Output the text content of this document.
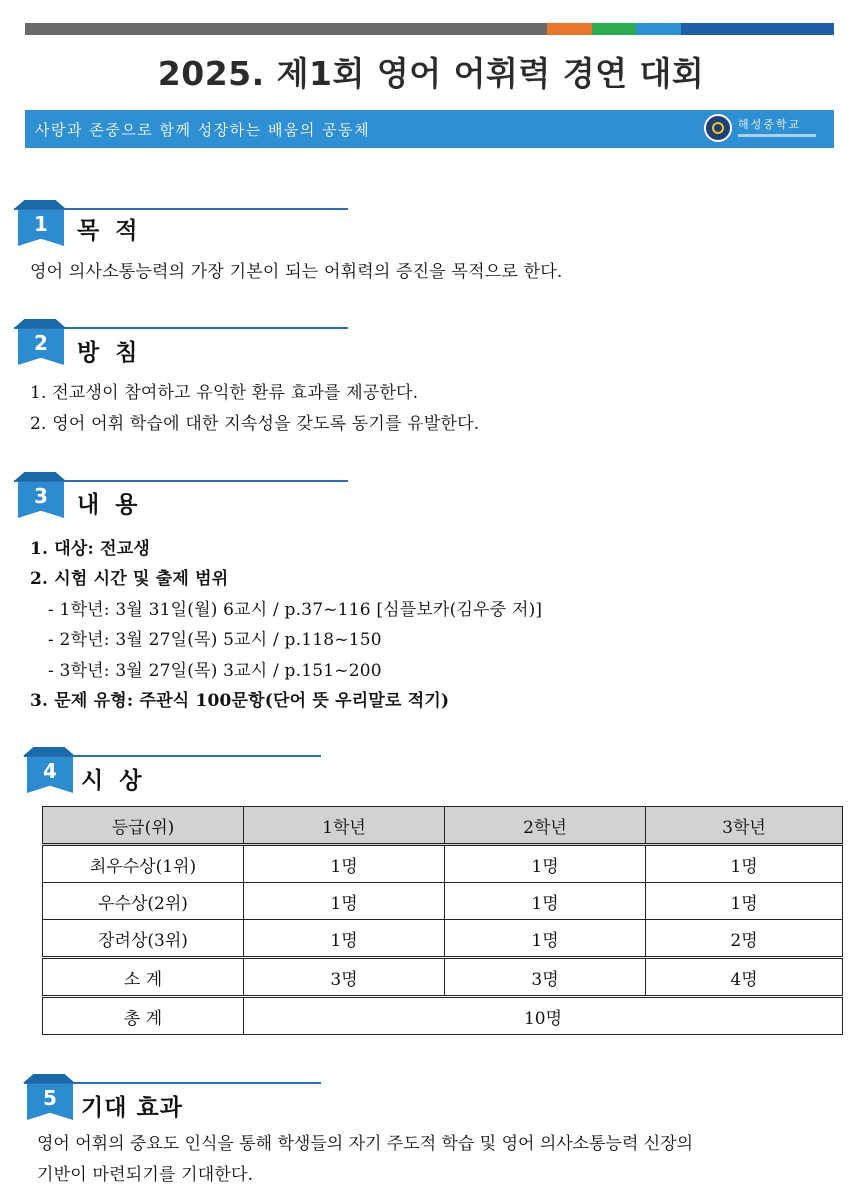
2025. 제1회 영어 어휘력 경연 대회
사랑과 존중으로 함께 성장하는 배움의 공동체	해성중학교
1	목 적
영어 의사소통능력의 가장 기본이 되는 어휘력의 증진을 목적으로 한다.
2	방 침
1. 전교생이 참여하고 유익한 환류 효과를 제공한다.
2. 영어 어휘 학습에 대한 지속성을 갖도록 동기를 유발한다.
3	내 용
1. 대상: 전교생
2. 시험 시간 및 출제 범위
- 1학년: 3월 31일(월) 6교시 / p.37~116 [심플보카(김우중 저)]
- 2학년: 3월 27일(목) 5교시 / p.118~150
- 3학년: 3월 27일(목) 3교시 / p.151~200
3. 문제 유형: 주관식 100문항(단어 뜻 우리말로 적기)
4	시 상
등급(위)	1학년	2학년	3학년
최우수상(1위)	1명	1명	1명
우수상(2위)	1명	1명	1명
장려상(3위)	1명	1명	2명
소 계	3명	3명	4명
총 계	10명		
5	기대 효과
영어 어휘의 중요도 인식을 통해 학생들의 자기 주도적 학습 및 영어 의사소통능력 신장의
기반이 마련되기를 기대한다.
